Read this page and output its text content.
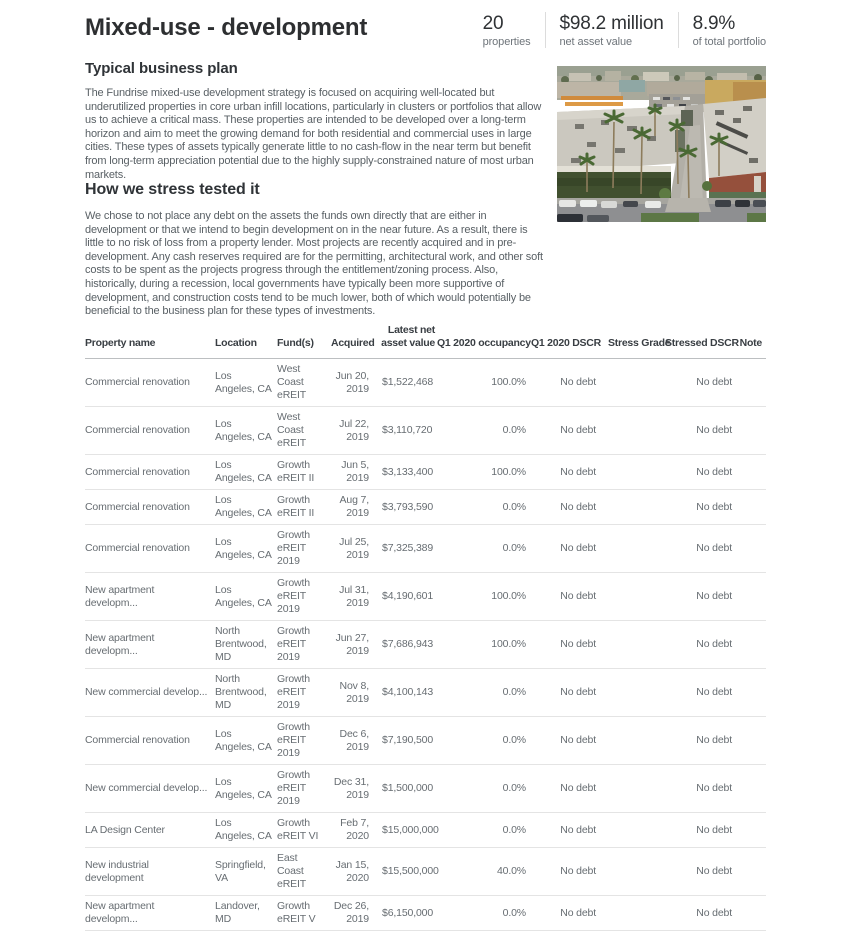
Mixed-use - development	20
properties
$98.2 million
net asset value
8.9%
of total portfolio
Typical business plan
The Fundrise mixed-use development strategy is focused on acquiring well-located but underutilized properties in core urban infill locations, particularly in clusters or portfolios that allow us to achieve a critical mass. These properties are intended to be developed over a long-term horizon and aim to meet the growing demand for both residential and commercial uses in large cities. These types of assets typically generate little to no cash-flow in the near term but benefit from long-term appreciation potential due to the highly supply-constrained nature of most urban markets.
How we stress tested it
We chose to not place any debt on the assets the funds own directly that are either in development or that we intend to begin development on in the near future. As a result, there is little to no risk of loss from a property lender. Most projects are recently acquired and in pre-development. Any cash reserves required are for the permitting, architectural work, and other soft costs to be spent as the projects progress through the entitlement/zoning process. Also, historically, during a recession, local governments have typically been more supportive of development, and construction costs tend to be much lower, both of which would potentially be beneficial to the business plan for these types of investments.
Property name	Location	Fund(s)	Acquired	Latest net asset value	Q1 2020 occupancy	Q1 2020 DSCR	Stress Grade	Stressed DSCR	Note
Commercial renovation	Los Angeles, CA	West Coast eREIT	Jun 20, 2019	$1,522,468	100.0%	No debt		No debt	
Commercial renovation	Los Angeles, CA	West Coast eREIT	Jul 22, 2019	$3,110,720	0.0%	No debt		No debt	
Commercial renovation	Los Angeles, CA	Growth eREIT II	Jun 5, 2019	$3,133,400	100.0%	No debt		No debt	
Commercial renovation	Los Angeles, CA	Growth eREIT II	Aug 7, 2019	$3,793,590	0.0%	No debt		No debt	
Commercial renovation	Los Angeles, CA	Growth eREIT 2019	Jul 25, 2019	$7,325,389	0.0%	No debt		No debt	
New apartment developm...	Los Angeles, CA	Growth eREIT 2019	Jul 31, 2019	$4,190,601	100.0%	No debt		No debt	
New apartment developm...	North Brentwood, MD	Growth eREIT 2019	Jun 27, 2019	$7,686,943	100.0%	No debt		No debt	
New commercial develop...	North Brentwood, MD	Growth eREIT 2019	Nov 8, 2019	$4,100,143	0.0%	No debt		No debt	
Commercial renovation	Los Angeles, CA	Growth eREIT 2019	Dec 6, 2019	$7,190,500	0.0%	No debt		No debt	
New commercial develop...	Los Angeles, CA	Growth eREIT 2019	Dec 31, 2019	$1,500,000	0.0%	No debt		No debt	
LA Design Center	Los Angeles, CA	Growth eREIT VI	Feb 7, 2020	$15,000,000	0.0%	No debt		No debt	
New industrial development	Springfield, VA	East Coast eREIT	Jan 15, 2020	$15,500,000	40.0%	No debt		No debt	
New apartment developm...	Landover, MD	Growth eREIT V	Dec 26, 2019	$6,150,000	0.0%	No debt		No debt	
